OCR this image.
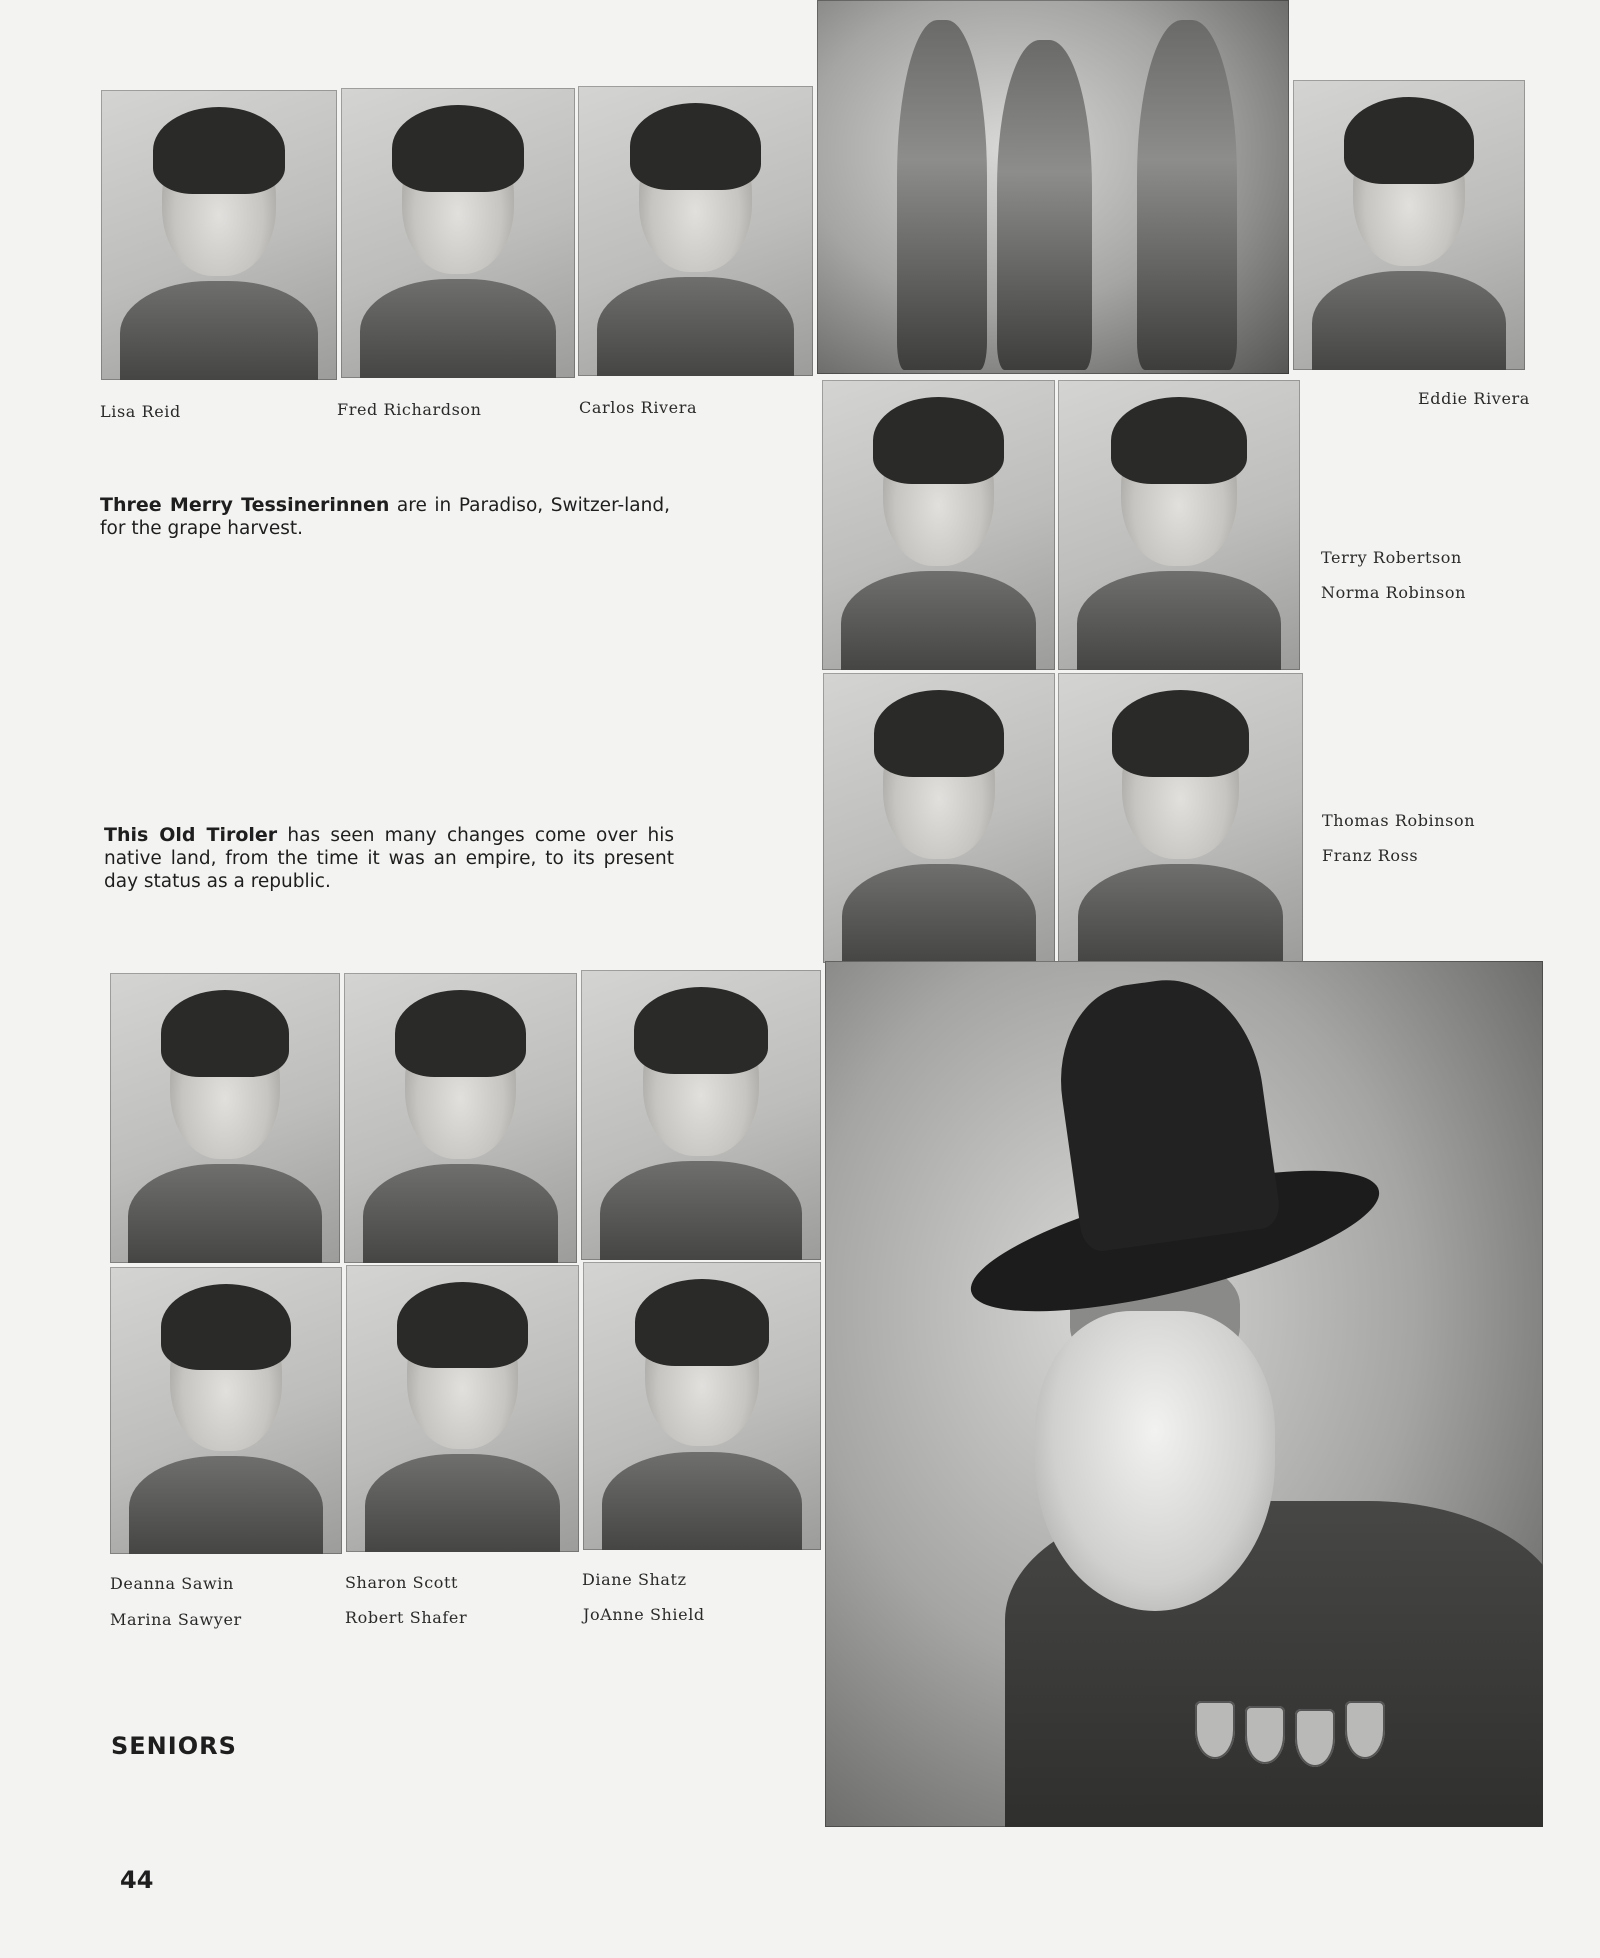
Lisa Reid	Fred Richardson	Carlos Rivera	Eddie Rivera
Terry Robertson
Norma Robinson
Thomas Robinson
Franz Ross
Three Merry Tessinerinnen are in Paradiso, Switzer-land, for the grape harvest.
This Old Tiroler has seen many changes come over his native land, from the time it was an empire, to its present day status as a republic.
Deanna Sawin
Marina Sawyer
Sharon Scott
Robert Shafer
Diane Shatz
JoAnne Shield
SENIORS
44
